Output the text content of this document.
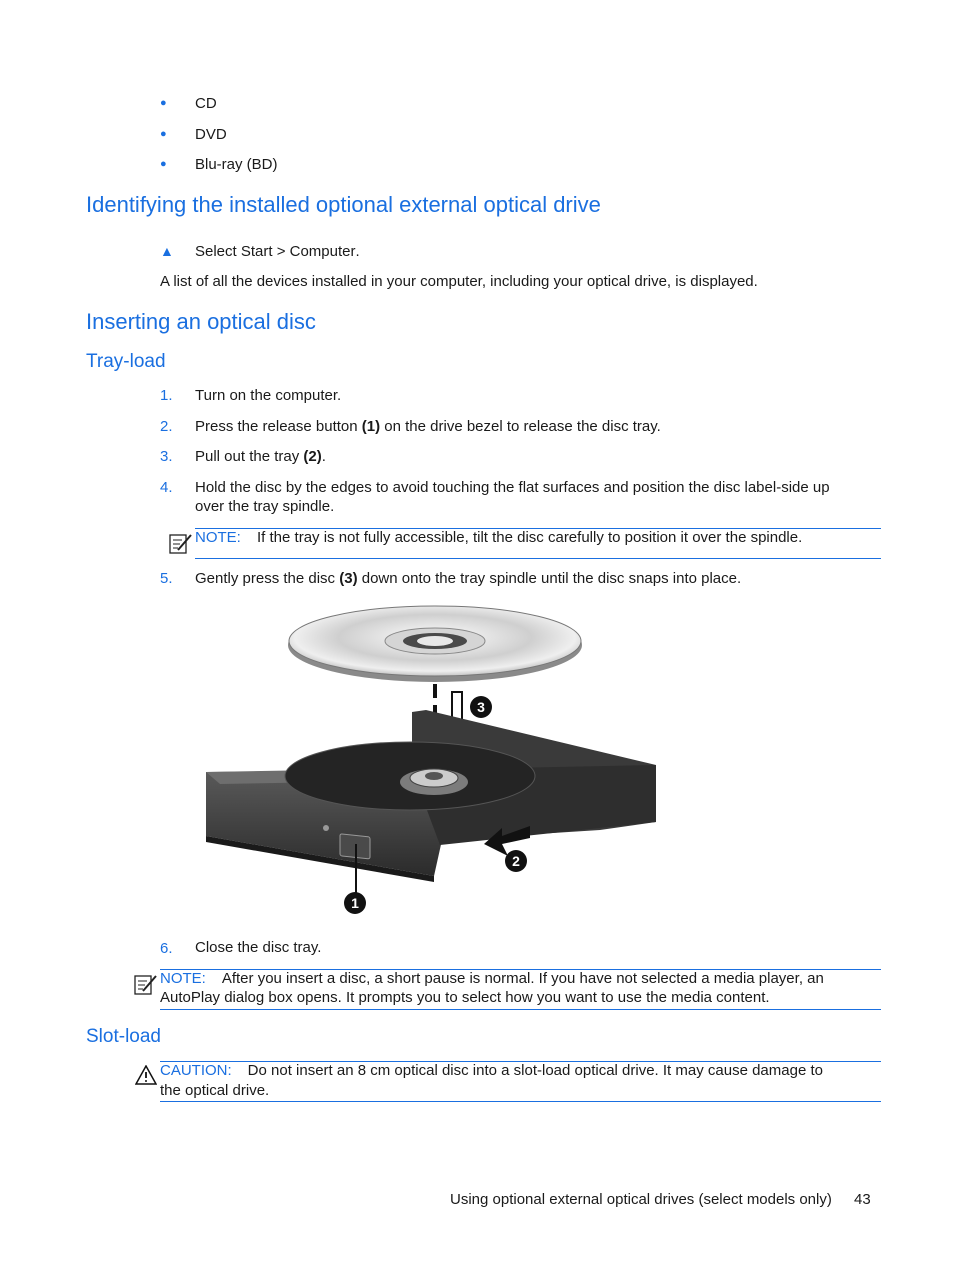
● CD
● DVD
● Blu-ray (BD)
Identifying the installed optional external optical drive
▲ Select Start > Computer.
A list of all the devices installed in your computer, including your optical drive, is displayed.
Inserting an optical disc
Tray-load
1.	Turn on the computer.
2.	Press the release button (1) on the drive bezel to release the disc tray.
3.	Pull out the tray (2).
4.	Hold the disc by the edges to avoid touching the flat surfaces and position the disc label-side up
over the tray spindle.
NOTE: If the tray is not fully accessible, tilt the disc carefully to position it over the spindle.
5.	Gently press the disc (3) down onto the tray spindle until the disc snaps into place.
3
2
1
6.	Close the disc tray.
NOTE: After you insert a disc, a short pause is normal. If you have not selected a media player, an
AutoPlay dialog box opens. It prompts you to select how you want to use the media content.
Slot-load
CAUTION: Do not insert an 8 cm optical disc into a slot-load optical drive. It may cause damage to
the optical drive.
Using optional external optical drives (select models only) 43
